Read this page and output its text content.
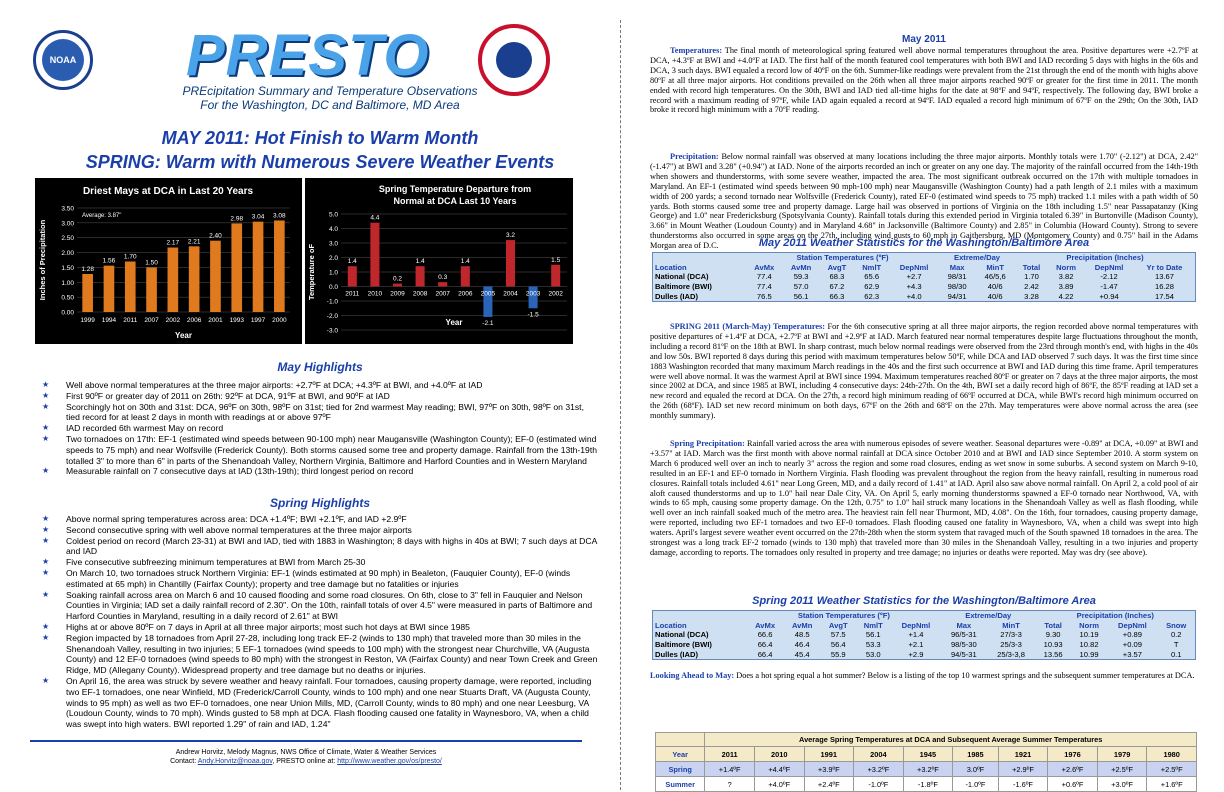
NOAA PRESTO
PREcipitation Summary and Temperature Observations
For the Washington, DC and Baltimore, MD Area
MAY 2011: Hot Finish to Warm Month
SPRING: Warm with Numerous Severe Weather Events
Driest Mays at DCA in Last 20 Years
0.00
0.50
1.00
1.50
2.00
2.50
3.00
3.50
1.28
1999
1.56
1994
1.70
2011
1.50
2007
2.17
2002
2.21
2006
2.40
2001
2.98
1993
3.04
1997
3.08
2000
Average: 3.87"
Year
Inches of Precipitation
Spring Temperature Departure from
Normal at DCA Last 10 Years
-3.0
-2.0
-1.0
0.0
1.0
2.0
3.0
4.0
5.0
1.4
2011
4.4
2010
0.2
2009
1.4
2008
0.3
2007
1.4
2006
-2.1
2005
3.2
2004
-1.5
2003
1.5
2002
Year
Temperature oF
May Highlights
★ Well above normal temperatures at the three major airports: +2.7ºF at DCA; +4.3ºF at BWI, and +4.0ºF at IAD
★ First 90ºF or greater day of 2011 on 26th: 92ºF at DCA, 91ºF at BWI, and 90ºF at IAD
★ Scorchingly hot on 30th and 31st: DCA, 96ºF on 30th, 98ºF on 31st; tied for 2nd warmest May reading; BWI, 97ºF on 30th, 98ºF on 31st, tied record for at least 2 days in month with readings at or above 97ºF
★ IAD recorded 6th warmest May on record
★ Two tornadoes on 17th: EF-1 (estimated wind speeds between 90-100 mph) near Maugansville (Washington County); EF-0 (estimated wind speeds to 75 mph) and near Wolfsville (Frederick County). Both storms caused some tree and property damage. Rainfall from the 13th-19th totalled 3" to more than 6" in parts of the Shenandoah Valley, Northern Virginia, Baltimore and Harford Counties and in Western Maryland
★ Measurable rainfall on 7 consecutive days at IAD (13th-19th); third longest period on record
Spring Highlights
★ Above normal spring temperatures across area: DCA +1.4ºF; BWI +2.1ºF, and IAD +2.9ºF
★ Second consecutive spring with well above normal temperatures at the three major airports
★ Coldest period on record (March 23-31) at BWI and IAD, tied with 1883 in Washington; 8 days with highs in 40s at BWI; 7 such days at DCA and IAD
★ Five consecutive subfreezing minimum temperatures at BWI from March 25-30
★ On March 10, two tornadoes struck Northern Virginia: EF-1 (winds estimated at 90 mph) in Bealeton, (Fauquier County), EF-0 (winds estimated at 65 mph) in Chantilly (Fairfax County); property and tree damage but no fatalities or injuries
★ Soaking rainfall across area on March 6 and 10 caused flooding and some road closures. On 6th, close to 3" fell in Fauquier and Nelson Counties in Virginia; IAD set a daily rainfall record of 2.30". On the 10th, rainfall totals of over 4.5" were measured in parts of Baltimore and Harford Counties in Maryland, resulting in a daily record of 2.61" at BWI
★ Highs at or above 80ºF on 7 days in April at all three major airports; most such hot days at BWI since 1985
★ Region impacted by 18 tornadoes from April 27-28, including long track EF-2 (winds to 130 mph) that traveled more than 30 miles in the Shenandoah Valley, resulting in two injuries; 5 EF-1 tornadoes (wind speeds to 100 mph) with the strongest near Churchville, VA (Augusta County) and 12 EF-0 tornadoes (wind speeds to 80 mph) with the strongest in Reston, VA (Fairfax County) and near Town Creek and Green Ridge, MD (Allegany County). Widespread property and tree damage but no deaths or injuries.
★ On April 16, the area was struck by severe weather and heavy rainfall. Four tornadoes, causing property damage, were reported, including two EF-1 tornadoes, one near Winfield, MD (Frederick/Carroll County, winds to 100 mph) and one near Stuarts Draft, VA (Augusta County, winds to 95 mph) as well as two EF-0 tornadoes, one near Union Mills, MD, (Carroll County, winds to 80 mph) and one near Leesburg, VA (Loudoun County, winds to 70 mph). Winds gusted to 58 mph at DCA. Flash flooding caused one fatality in Waynesboro, VA, when a child was swept into high waters. BWI reported 1.29" of rain and IAD, 1.24"
Andrew Horvitz, Melody Magnus, NWS Office of Climate, Water & Weather Services
Contact: Andy.Horvitz@noaa.gov, PRESTO online at: http://www.weather.gov/os/presto/
May 2011
Temperatures: The final month of meteorological spring featured well above normal temperatures throughout the area. Positive departures were +2.7ºF at DCA, +4.3ºF at BWI and +4.0ºF at IAD. The first half of the month featured cool temperatures with both BWI and IAD recording 5 days with highs in the 60s and DCA, 3 such days. BWI equaled a record low of 40ºF on the 6th. Summer-like readings were prevalent from the 21st through the end of the month with highs above 80ºF at all three major airports. Hot conditions prevailed on the 26th when all three major airports reached 90ºF or greater for the first time in 2011. The month ended with record high temperatures. On the 30th, BWI and IAD tied all-time highs for the date at 98ºF and 94ºF, respectively. The following day, BWI broke a record with a maximum reading of 97ºF, while IAD again equaled a record at 94ºF. IAD equaled a record high minimum of 67ºF on the 29th; On the 30th, IAD broke it record high minimum with a 70ºF reading.
Precipitation: Below normal rainfall was observed at many locations including the three major airports. Monthly totals were 1.70" (-2.12") at DCA, 2.42" (-1.47") at BWI and 3.28" (+0.94") at IAD. None of the airports recorded an inch or greater on any one day. The majority of the rainfall occurred from the 14th-19th when showers and thunderstorms, with some severe weather, impacted the area. The most significant outbreak occurred on the 17th with multiple tornadoes in Maryland. An EF-1 (estimated wind speeds between 90 mph-100 mph) near Maugansville (Washington County) had a path length of 2.1 miles with a maximum width of 200 yards; a second tornado near Wolfsville (Frederick County), rated EF-0 (estimated wind speeds to 75 mph) tracked 1.1 miles with a path width of 50 yards. Both storms caused some tree and property damage. Large hail was observed in portions of Virginia on the 18th including 1.5" near Passapatanzy (King George) and 1.0" near Fredericksburg (Spotsylvania County). Rainfall totals during this extended period in Virginia totaled 6.39" in Burtonville (Madison County), 3.66" in Mount Weather (Loudoun County) and in Maryland 4.68" in Jacksonville (Baltimore County) and 2.85" in Columbia (Howard County). Strong to severe thunderstorms also occurred in some areas on the 27th, including wind gusts to 60 mph in Gaithersburg, MD (Montgomery County) and 0.75" hail in the Adams Morgan area of D.C.	May 2011 Weather Statistics for the Washington/Baltimore Area
	Station Temperatures (ºF)					Extreme/Day		Precipitation (Inches)			
Location	AvMx	AvMn	AvgT	NmlT	DepNml	Max	MinT	Total	Norm	DepNml	Yr to Date
National (DCA)	77.4	59.3	68.3	65.6	+2.7	98/31	46/5,6	1.70	3.82	-2.12	13.67
Baltimore (BWI)	77.4	57.0	67.2	62.9	+4.3	98/30	40/6	2.42	3.89	-1.47	16.28
Dulles (IAD)	76.5	56.1	66.3	62.3	+4.0	94/31	40/6	3.28	4.22	+0.94	17.54
SPRING 2011 (March-May) Temperatures: For the 6th consecutive spring at all three major airports, the region recorded above normal temperatures with positive departures of +1.4ºF at DCA, +2.7ºF at BWI and +2.9ºF at IAD. March featured near normal temperatures despite large fluctuations throughout the month, including a record 81ºF on the 18th at BWI. In sharp contrast, much below normal readings were observed from the 23rd through month's end, with highs in the 40s and low 50s. BWI reported 8 days during this period with maximum temperatures below 50ºF, while DCA and IAD observed 7 such days. It was the first time since 1883 Washington recorded that many maximum March readings in the 40s and the first such occurrence at BWI and IAD during this time frame. April temperatures were well above normal. It was the warmest April at BWI since 1994. Maximum temperatures reached 80ºF or greater on 7 days at the three major airports, the most since 2002 at DCA, and since 1985 at BWI, including 4 consecutive days: 24th-27th. On the 4th, BWI set a daily record high of 86ºF, the 85ºF reading at IAD set a new record and equaled the record at DCA. On the 27th, a record high minimum reading of 66ºF occurred at DCA, while BWI's record high minimum occurred on the 26th (68ºF). IAD set new record minimum on both days, 67ºF on the 26th and 68ºF on the 27th. May temperatures were above normal across the area (see monthly summary).
Spring Precipitation: Rainfall varied across the area with numerous episodes of severe weather. Seasonal departures were -0.89" at DCA, +0.09" at BWI and +3.57" at IAD. March was the first month with above normal rainfall at DCA since October 2010 and at BWI and IAD since September 2010. A storm system on March 6 produced well over an inch to nearly 3" across the region and some road closures, ending as wet snow in some suburbs. A second system on March 9-10, resulted in an EF-1 and EF-0 tornado in Northern Virginia. Flash flooding was prevalent throughout the region from the heavy rainfall, resulting in numerous road closures. Rainfall totals included 4.61" near Long Green, MD, and a daily record of 1.41" at IAD. April also saw above normal rainfall. On April 2, a cold pool of air aloft caused thunderstorms and up to 1.0" hail near Dale City, VA. On April 5, early morning thunderstorms spawned a EF-0 tornado near Northwood, VA, with winds to 65 mph, causing some property damage. On the 12th, 0.75" to 1.0" hail struck many locations in the Shenandoah Valley as well as flash flooding, while well over an inch rainfall soaked much of the metro area. The heaviest rain fell near Thurmont, MD, 4.08". On the 16th, four tornadoes, causing property damage, were reported, including two EF-1 tornadoes and two EF-0 tornadoes. Flash flooding caused one fatality in Waynesboro, VA, when a child was swept into high waters. April's largest severe weather event occurred on the 27th-28th when the storm system that ravaged much of the South spawned 18 tornadoes in the area. The strongest was a long track EF-2 tornado (winds to 130 mph) that traveled more than 30 miles in the Shenandoah Valley, resulting in a two injuries and property damage, according to reports. The tornadoes only resulted in property and tree damage; no injuries or deaths were reported. May was dry (see above).
Spring 2011 Weather Statistics for the Washington/Baltimore Area
	Station Temperatures (ºF)					Extreme/Day		Precipitation (Inches)			
Location	AvMx	AvMn	AvgT	NmlT	DepNml	Max	MinT	Total	Norm	DepNml	Snow
National (DCA)	66.6	48.5	57.5	56.1	+1.4	96/5-31	27/3-3	9.30	10.19	+0.89	0.2
Baltimore (BWI)	66.4	46.4	56.4	53.3	+2.1	98/5-30	25/3-3	10.93	10.82	+0.09	T
Dulles (IAD)	66.4	45.4	55.9	53.0	+2.9	94/5-31	25/3-3,8	13.56	10.99	+3.57	0.1
Looking Ahead to May: Does a hot spring equal a hot summer? Below is a listing of the top 10 warmest springs and the subsequent summer temperatures at DCA.
	Average Spring Temperatures at DCA and Subsequent Average Summer Temperatures									
Year	2011	2010	1991	2004	1945	1985	1921	1976	1979	1980
Spring	+1.4ºF	+4.4ºF	+3.9ºF	+3.2ºF	+3.2ºF	3.0ºF	+2.9ºF	+2.6ºF	+2.5ºF	+2.5ºF
Summer	?	+4.0ºF	+2.4ºF	-1.0ºF	-1.8ºF	-1.0ºF	-1.6ºF	+0.6ºF	+3.0ºF	+1.6ºF
